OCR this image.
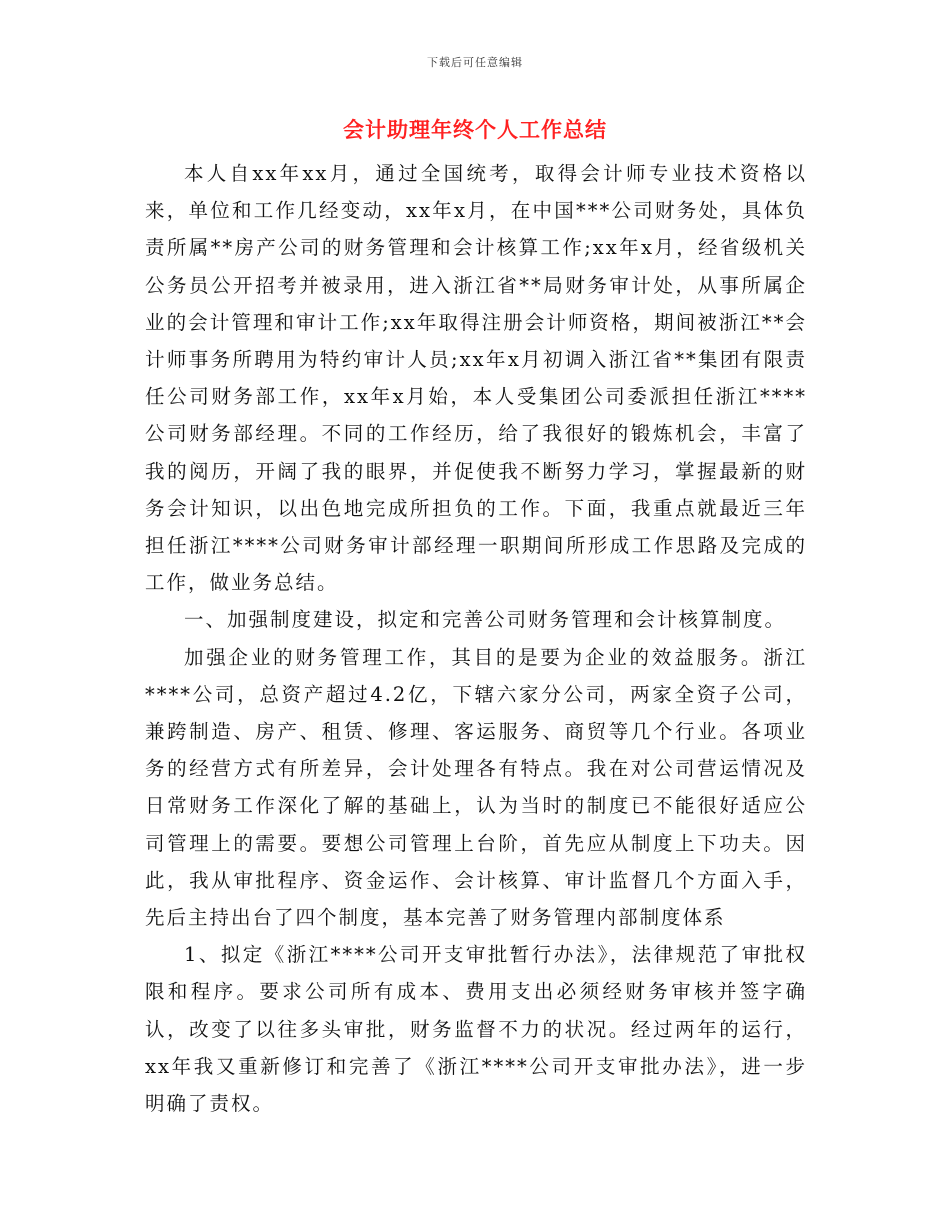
下载后可任意编辑
会计助理年终个人工作总结

本人自xx年xx月，通过全国统考，取得会计师专业技术资格以来，单位和工作几经变动，xx年x月，在中国***公司财务处，具体负责所属**房产公司的财务管理和会计核算工作;xx年x月，经省级机关公务员公开招考并被录用，进入浙江省**局财务审计处，从事所属企业的会计管理和审计工作;xx年取得注册会计师资格，期间被浙江**会计师事务所聘用为特约审计人员;xx年x月初调入浙江省**集团有限责任公司财务部工作，xx年x月始，本人受集团公司委派担任浙江****公司财务部经理。不同的工作经历，给了我很好的锻炼机会，丰富了我的阅历，开阔了我的眼界，并促使我不断努力学习，掌握最新的财务会计知识，以出色地完成所担负的工作。下面，我重点就最近三年担任浙江****公司财务审计部经理一职期间所形成工作思路及完成的工作，做业务总结。

一、加强制度建设，拟定和完善公司财务管理和会计核算制度。

加强企业的财务管理工作，其目的是要为企业的效益服务。浙江****公司，总资产超过4.2亿，下辖六家分公司，两家全资子公司，兼跨制造、房产、租赁、修理、客运服务、商贸等几个行业。各项业务的经营方式有所差异，会计处理各有特点。我在对公司营运情况及日常财务工作深化了解的基础上，认为当时的制度已不能很好适应公司管理上的需要。要想公司管理上台阶，首先应从制度上下功夫。因此，我从审批程序、资金运作、会计核算、审计监督几个方面入手，先后主持出台了四个制度，基本完善了财务管理内部制度体系

1、拟定《浙江****公司开支审批暂行办法》，法律规范了审批权限和程序。要求公司所有成本、费用支出必须经财务审核并签字确认，改变了以往多头审批，财务监督不力的状况。经过两年的运行， xx年我又重新修订和完善了《浙江****公司开支审批办法》，进一步明确了责权。
